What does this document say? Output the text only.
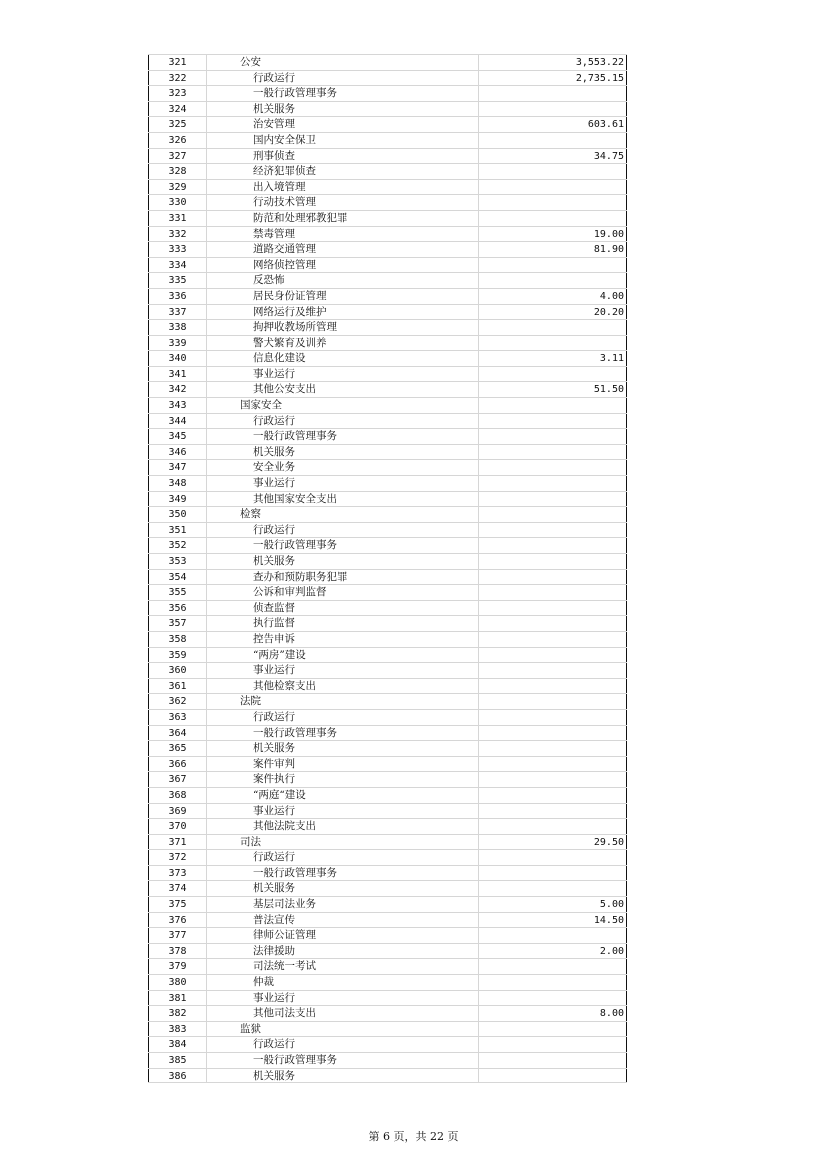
321	公安	3,553.22
322	行政运行	2,735.15
323	一般行政管理事务
324	机关服务
325	治安管理	603.61
326	国内安全保卫
327	刑事侦查	34.75
328	经济犯罪侦查
329	出入境管理
330	行动技术管理
331	防范和处理邪教犯罪
332	禁毒管理	19.00
333	道路交通管理	81.90
334	网络侦控管理
335	反恐怖
336	居民身份证管理	4.00
337	网络运行及维护	20.20
338	拘押收教场所管理
339	警犬繁育及训养
340	信息化建设	3.11
341	事业运行
342	其他公安支出	51.50
343	国家安全
344	行政运行
345	一般行政管理事务
346	机关服务
347	安全业务
348	事业运行
349	其他国家安全支出
350	检察
351	行政运行
352	一般行政管理事务
353	机关服务
354	查办和预防职务犯罪
355	公诉和审判监督
356	侦查监督
357	执行监督
358	控告申诉
359	“两房”建设
360	事业运行
361	其他检察支出
362	法院
363	行政运行
364	一般行政管理事务
365	机关服务
366	案件审判
367	案件执行
368	“两庭“建设
369	事业运行
370	其他法院支出
371	司法	29.50
372	行政运行
373	一般行政管理事务
374	机关服务
375	基层司法业务	5.00
376	普法宣传	14.50
377	律师公证管理
378	法律援助	2.00
379	司法统一考试
380	仲裁
381	事业运行
382	其他司法支出	8.00
383	监狱
384	行政运行
385	一般行政管理事务
386	机关服务
第 6 页，共 22 页
